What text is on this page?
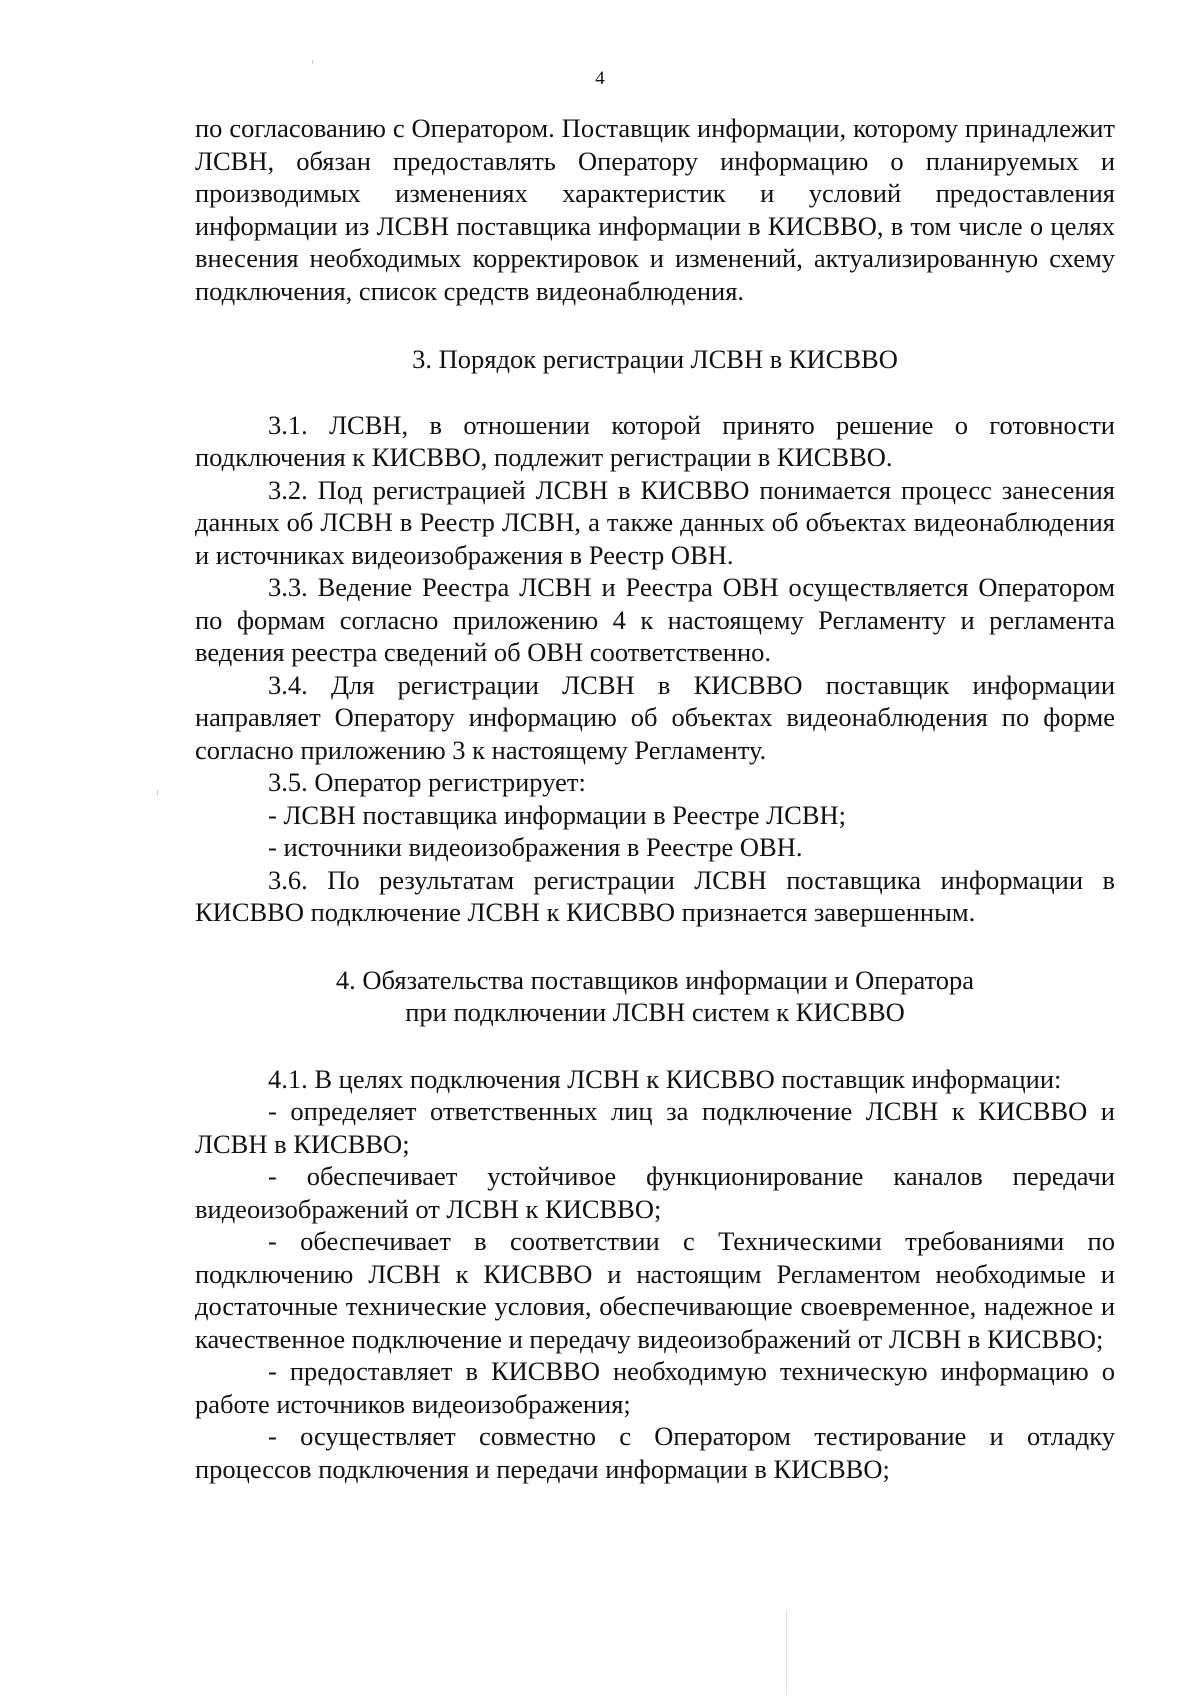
4

по согласованию с Оператором. Поставщик информации, которому принадлежит ЛСВН, обязан предоставлять Оператору информацию о планируемых и производимых изменениях характеристик и условий предоставления информации из ЛСВН поставщика информации в КИСВВО, в том числе о целях внесения необходимых корректировок и изменений, актуализированную схему подключения, список средств видеонаблюдения.

3. Порядок регистрации ЛСВН в КИСВВО

3.1. ЛСВН, в отношении которой принято решение о готовности подключения к КИСВВО, подлежит регистрации в КИСВВО.

3.2. Под регистрацией ЛСВН в КИСВВО понимается процесс занесения данных об ЛСВН в Реестр ЛСВН, а также данных об объектах видеонаблюдения и источниках видеоизображения в Реестр ОВН.

3.3. Ведение Реестра ЛСВН и Реестра ОВН осуществляется Оператором по формам согласно приложению 4 к настоящему Регламенту и регламента ведения реестра сведений об ОВН соответственно.

3.4. Для регистрации ЛСВН в КИСВВО поставщик информации направляет Оператору информацию об объектах видеонаблюдения по форме согласно приложению 3 к настоящему Регламенту.

3.5. Оператор регистрирует:

- ЛСВН поставщика информации в Реестре ЛСВН;

- источники видеоизображения в Реестре ОВН.

3.6. По результатам регистрации ЛСВН поставщика информации в КИСВВО подключение ЛСВН к КИСВВО признается завершенным.

4. Обязательства поставщиков информации и Оператора
при подключении ЛСВН систем к КИСВВО

4.1. В целях подключения ЛСВН к КИСВВО поставщик информации:

- определяет ответственных лиц за подключение ЛСВН к КИСВВО и ЛСВН в КИСВВО;

- обеспечивает устойчивое функционирование каналов передачи видеоизображений от ЛСВН к КИСВВО;

- обеспечивает в соответствии с Техническими требованиями по подключению ЛСВН к КИСВВО и настоящим Регламентом необходимые и достаточные технические условия, обеспечивающие своевременное, надежное и качественное подключение и передачу видеоизображений от ЛСВН в КИСВВО;

- предоставляет в КИСВВО необходимую техническую информацию о работе источников видеоизображения;

- осуществляет совместно с Оператором тестирование и отладку процессов подключения и передачи информации в КИСВВО;
